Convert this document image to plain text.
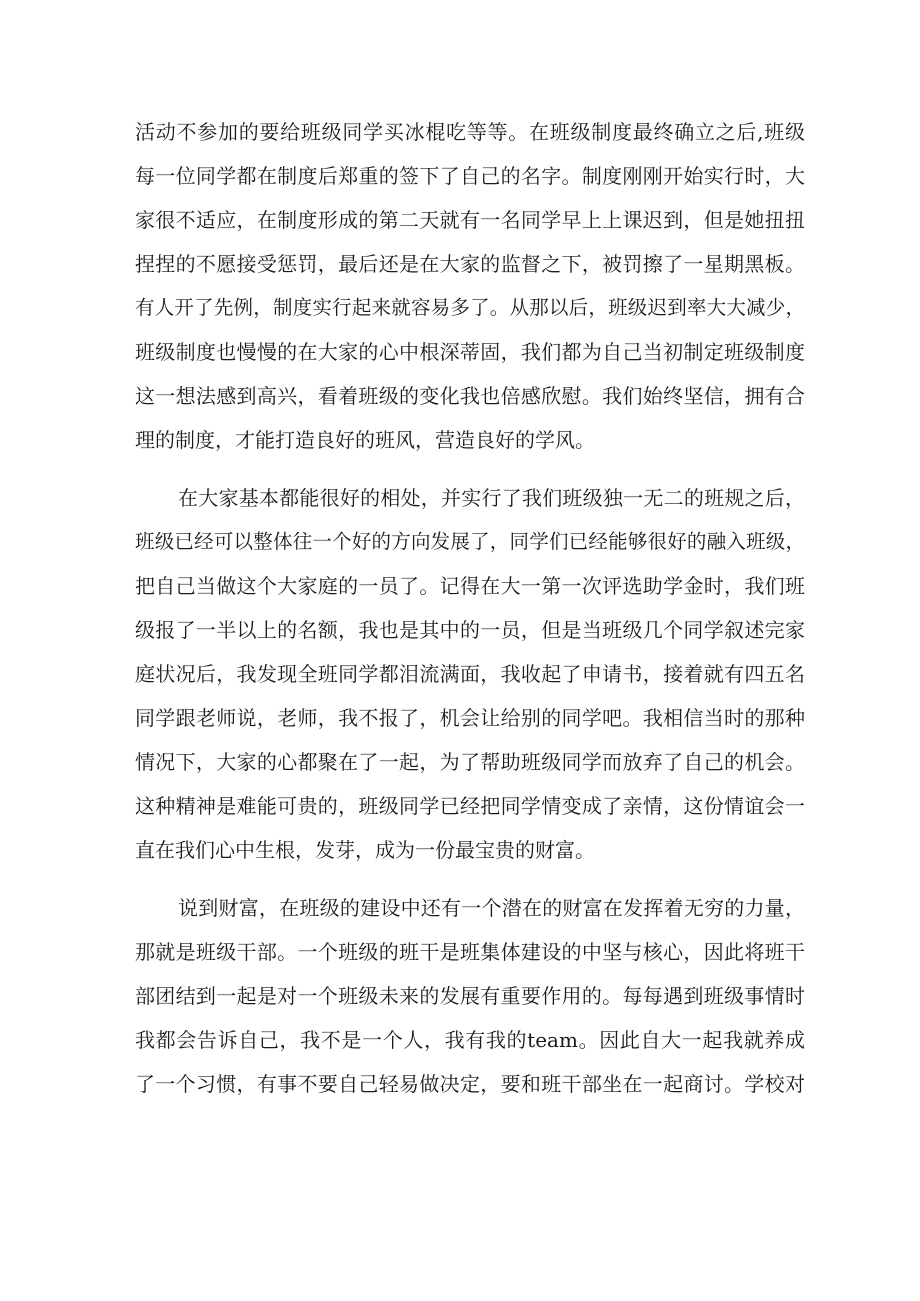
活动不参加的要给班级同学买冰棍吃等等。在班级制度最终确立之后,班级
每一位同学都在制度后郑重的签下了自己的名字。制度刚刚开始实行时，大
家很不适应，在制度形成的第二天就有一名同学早上上课迟到，但是她扭扭
捏捏的不愿接受惩罚，最后还是在大家的监督之下，被罚擦了一星期黑板。
有人开了先例，制度实行起来就容易多了。从那以后，班级迟到率大大减少，
班级制度也慢慢的在大家的心中根深蒂固，我们都为自己当初制定班级制度
这一想法感到高兴，看着班级的变化我也倍感欣慰。我们始终坚信，拥有合
理的制度，才能打造良好的班风，营造良好的学风。
在大家基本都能很好的相处，并实行了我们班级独一无二的班规之后，
班级已经可以整体往一个好的方向发展了，同学们已经能够很好的融入班级，
把自己当做这个大家庭的一员了。记得在大一第一次评选助学金时，我们班
级报了一半以上的名额，我也是其中的一员，但是当班级几个同学叙述完家
庭状况后，我发现全班同学都泪流满面，我收起了申请书，接着就有四五名
同学跟老师说，老师，我不报了，机会让给别的同学吧。我相信当时的那种
情况下，大家的心都聚在了一起，为了帮助班级同学而放弃了自己的机会。
这种精神是难能可贵的，班级同学已经把同学情变成了亲情，这份情谊会一
直在我们心中生根，发芽，成为一份最宝贵的财富。
说到财富，在班级的建设中还有一个潜在的财富在发挥着无穷的力量，
那就是班级干部。一个班级的班干是班集体建设的中坚与核心，因此将班干
部团结到一起是对一个班级未来的发展有重要作用的。每每遇到班级事情时
我都会告诉自己，我不是一个人，我有我的team。因此自大一起我就养成
了一个习惯，有事不要自己轻易做决定，要和班干部坐在一起商讨。学校对
